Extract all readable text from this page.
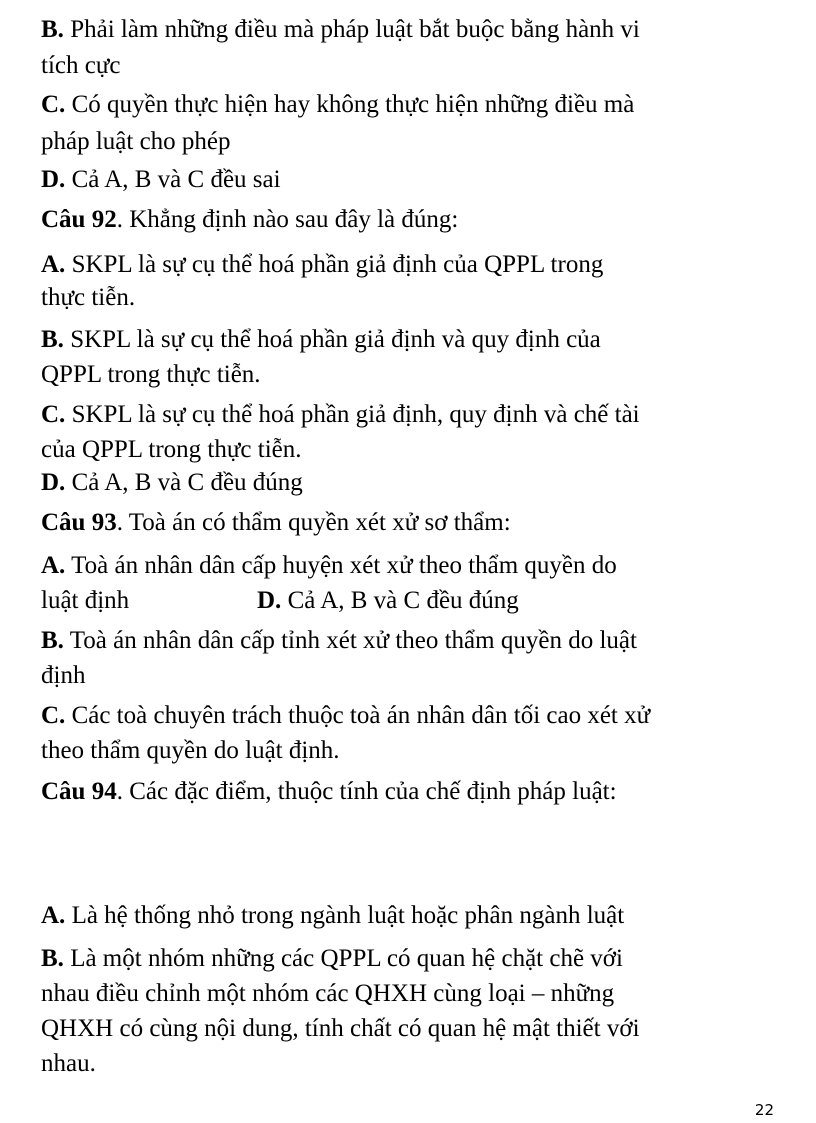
B. Phải làm những điều mà pháp luật bắt buộc bằng hành vi
tích cực
C. Có quyền thực hiện hay không thực hiện những điều mà
pháp luật cho phép
D. Cả A, B và C đều sai
Câu 92. Khẳng định nào sau đây là đúng:
A. SKPL là sự cụ thể hoá phần giả định của QPPL trong
thực tiễn.
B. SKPL là sự cụ thể hoá phần giả định và quy định của
QPPL trong thực tiễn.
C. SKPL là sự cụ thể hoá phần giả định, quy định và chế tài
của QPPL trong thực tiễn.
D. Cả A, B và C đều đúng
Câu 93. Toà án có thẩm quyền xét xử sơ thẩm:
A. Toà án nhân dân cấp huyện xét xử theo thẩm quyền do
luật định	D. Cả A, B và C đều đúng
B. Toà án nhân dân cấp tỉnh xét xử theo thẩm quyền do luật
định
C. Các toà chuyên trách thuộc toà án nhân dân tối cao xét xử
theo thẩm quyền do luật định.
Câu 94. Các đặc điểm, thuộc tính của chế định pháp luật:
A. Là hệ thống nhỏ trong ngành luật hoặc phân ngành luật
B. Là một nhóm những các QPPL có quan hệ chặt chẽ với
nhau điều chỉnh một nhóm các QHXH cùng loại – những
QHXH có cùng nội dung, tính chất có quan hệ mật thiết với
nhau.
22
